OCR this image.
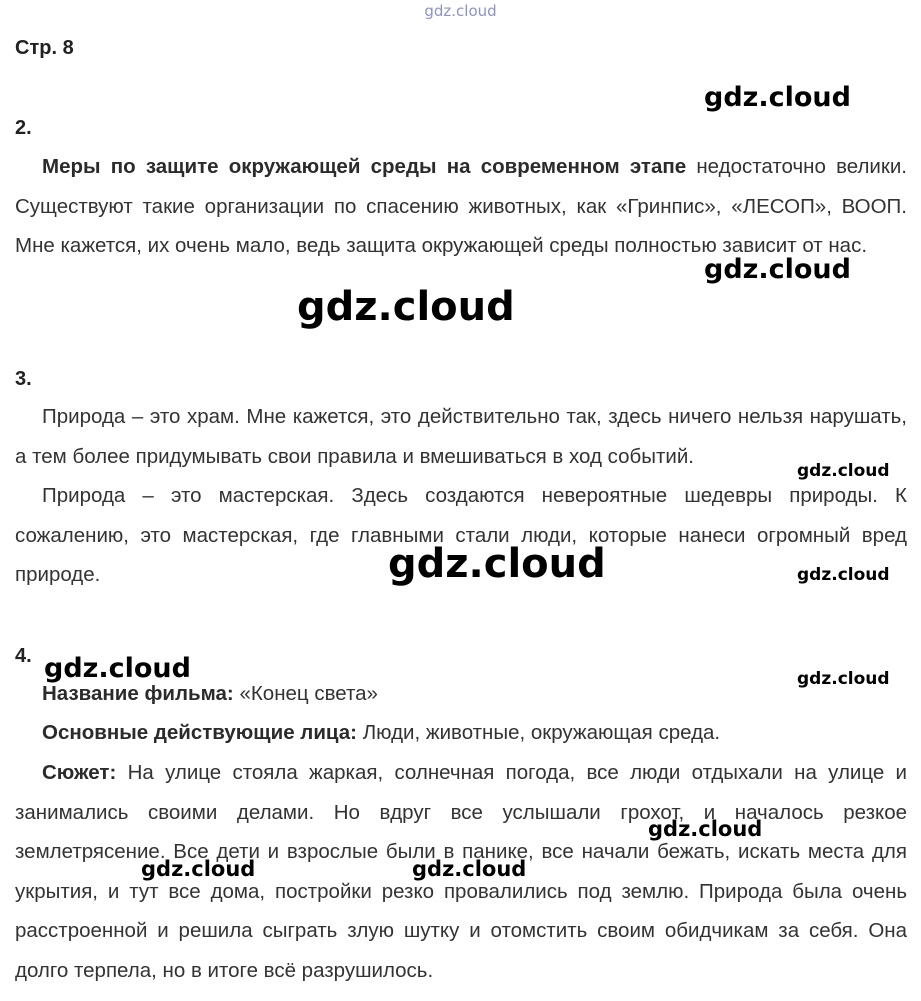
gdz.cloud
Стр. 8
2.

Меры по защите окружающей среды на современном этапе недостаточно велики. Существуют такие организации по спасению животных, как «Гринпис», «ЛЕСОП», ВООП. Мне кажется, их очень мало, ведь защита окружающей среды полностью зависит от нас.

3.

Природа – это храм. Мне кажется, это действительно так, здесь ничего нельзя нарушать, а тем более придумывать свои правила и вмешиваться в ход событий.

Природа – это мастерская. Здесь создаются невероятные шедевры природы. К сожалению, это мастерская, где главными стали люди, которые нанеси огромный вред природе.

4.

Название фильма: «Конец света»

Основные действующие лица: Люди, животные, окружающая среда.

Сюжет: На улице стояла жаркая, солнечная погода, все люди отдыхали на улице и занимались своими делами. Но вдруг все услышали грохот, и началось резкое землетрясение. Все дети и взрослые были в панике, все начали бежать, искать места для укрытия, и тут все дома, постройки резко провалились под землю. Природа была очень расстроенной и решила сыграть злую шутку и отомстить своим обидчикам за себя. Она долго терпела, но в итоге всё разрушилось.

gdz.cloud
gdz.cloud
gdz.cloud
gdz.cloud
gdz.cloud	gdz.cloud
gdz.cloud	gdz.cloud
gdz.cloud
gdz.cloud	gdz.cloud
